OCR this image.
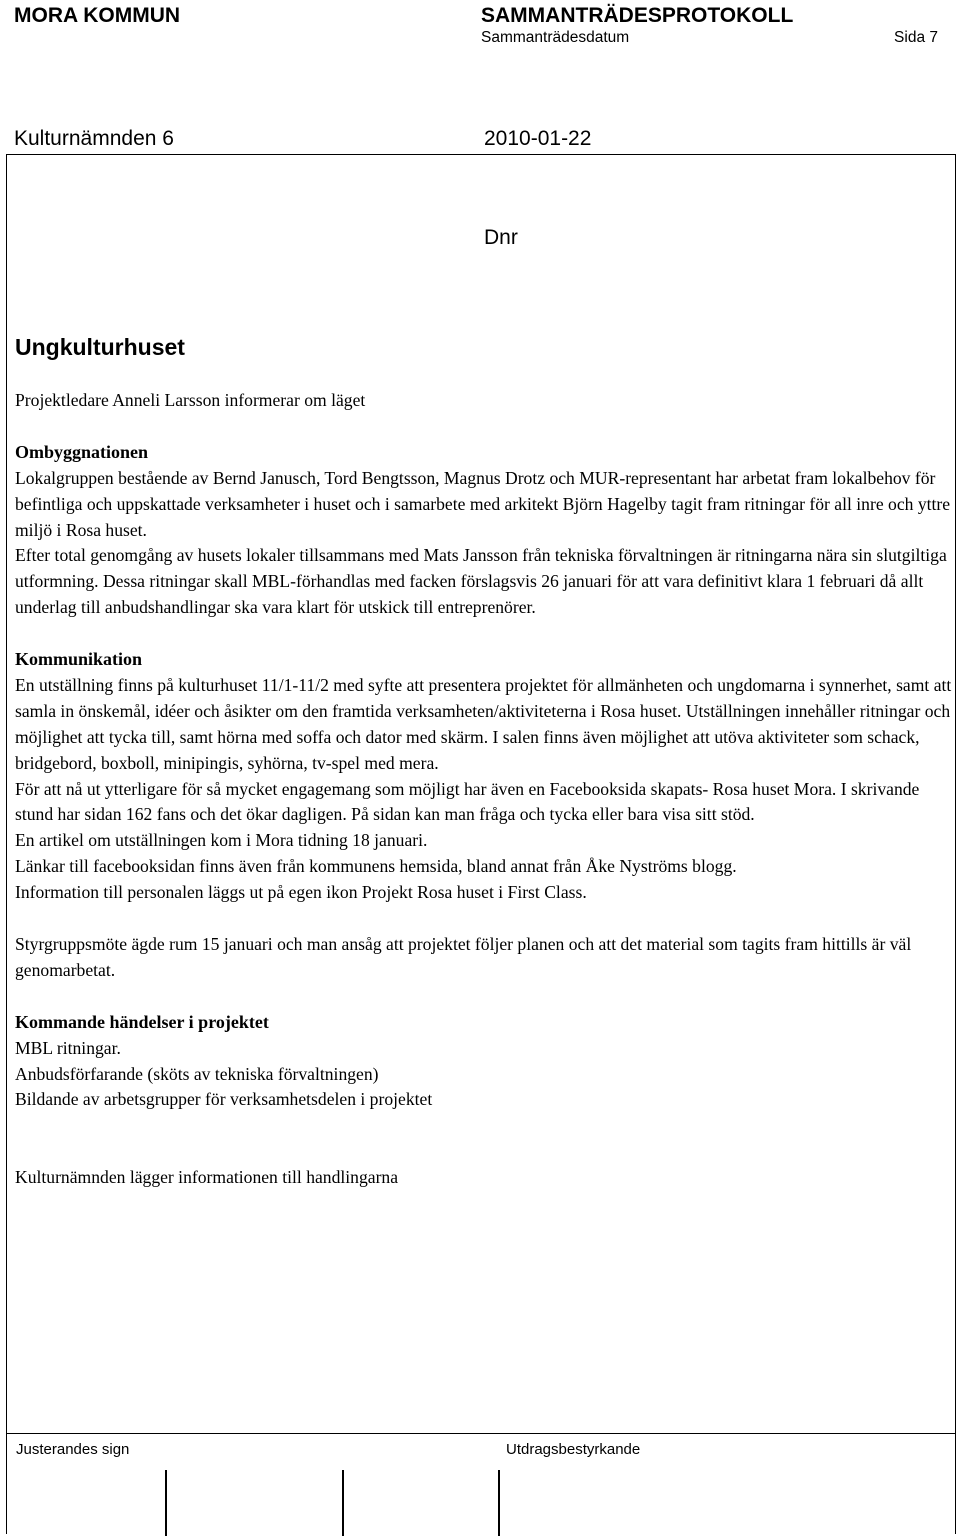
MORA KOMMUN	SAMMANTRÄDESPROTOKOLL
Sammanträdesdatum	Sida 7
Kulturnämnden 6	2010-01-22
Dnr
Ungkulturhuset

Projektledare Anneli Larsson informerar om läget

Ombyggnationen

Lokalgruppen bestående av Bernd Janusch, Tord Bengtsson, Magnus Drotz och MUR-representant har arbetat fram lokalbehov för befintliga och uppskattade verksamheter i huset och i samarbete med arkitekt Björn Hagelby tagit fram ritningar för all inre och yttre miljö i Rosa huset.

Efter total genomgång av husets lokaler tillsammans med Mats Jansson från tekniska förvaltningen är ritningarna nära sin slutgiltiga utformning. Dessa ritningar skall MBL-förhandlas med facken förslagsvis 26 januari för att vara definitivt klara 1 februari då allt underlag till anbudshandlingar ska vara klart för utskick till entreprenörer.

Kommunikation

En utställning finns på kulturhuset 11/1-11/2 med syfte att presentera projektet för allmänheten och ungdomarna i synnerhet, samt att samla in önskemål, idéer och åsikter om den framtida verksamheten/aktiviteterna i Rosa huset. Utställningen innehåller ritningar och möjlighet att tycka till, samt hörna med soffa och dator med skärm. I salen finns även möjlighet att utöva aktiviteter som schack, bridgebord, boxboll, minipingis, syhörna, tv-spel med mera.

För att nå ut ytterligare för så mycket engagemang som möjligt har även en Facebooksida skapats- Rosa huset Mora. I skrivande stund har sidan 162 fans och det ökar dagligen. På sidan kan man fråga och tycka eller bara visa sitt stöd.

En artikel om utställningen kom i Mora tidning 18 januari.

Länkar till facebooksidan finns även från kommunens hemsida, bland annat från Åke Nyströms blogg.

Information till personalen läggs ut på egen ikon Projekt Rosa huset i First Class.

Styrgruppsmöte ägde rum 15 januari och man ansåg att projektet följer planen och att det material som tagits fram hittills är väl genomarbetat.

Kommande händelser i projektet

MBL ritningar.

Anbudsförfarande (sköts av tekniska förvaltningen)

Bildande av arbetsgrupper för verksamhetsdelen i projektet

Kulturnämnden lägger informationen till handlingarna

Justerandes sign	Utdragsbestyrkande
